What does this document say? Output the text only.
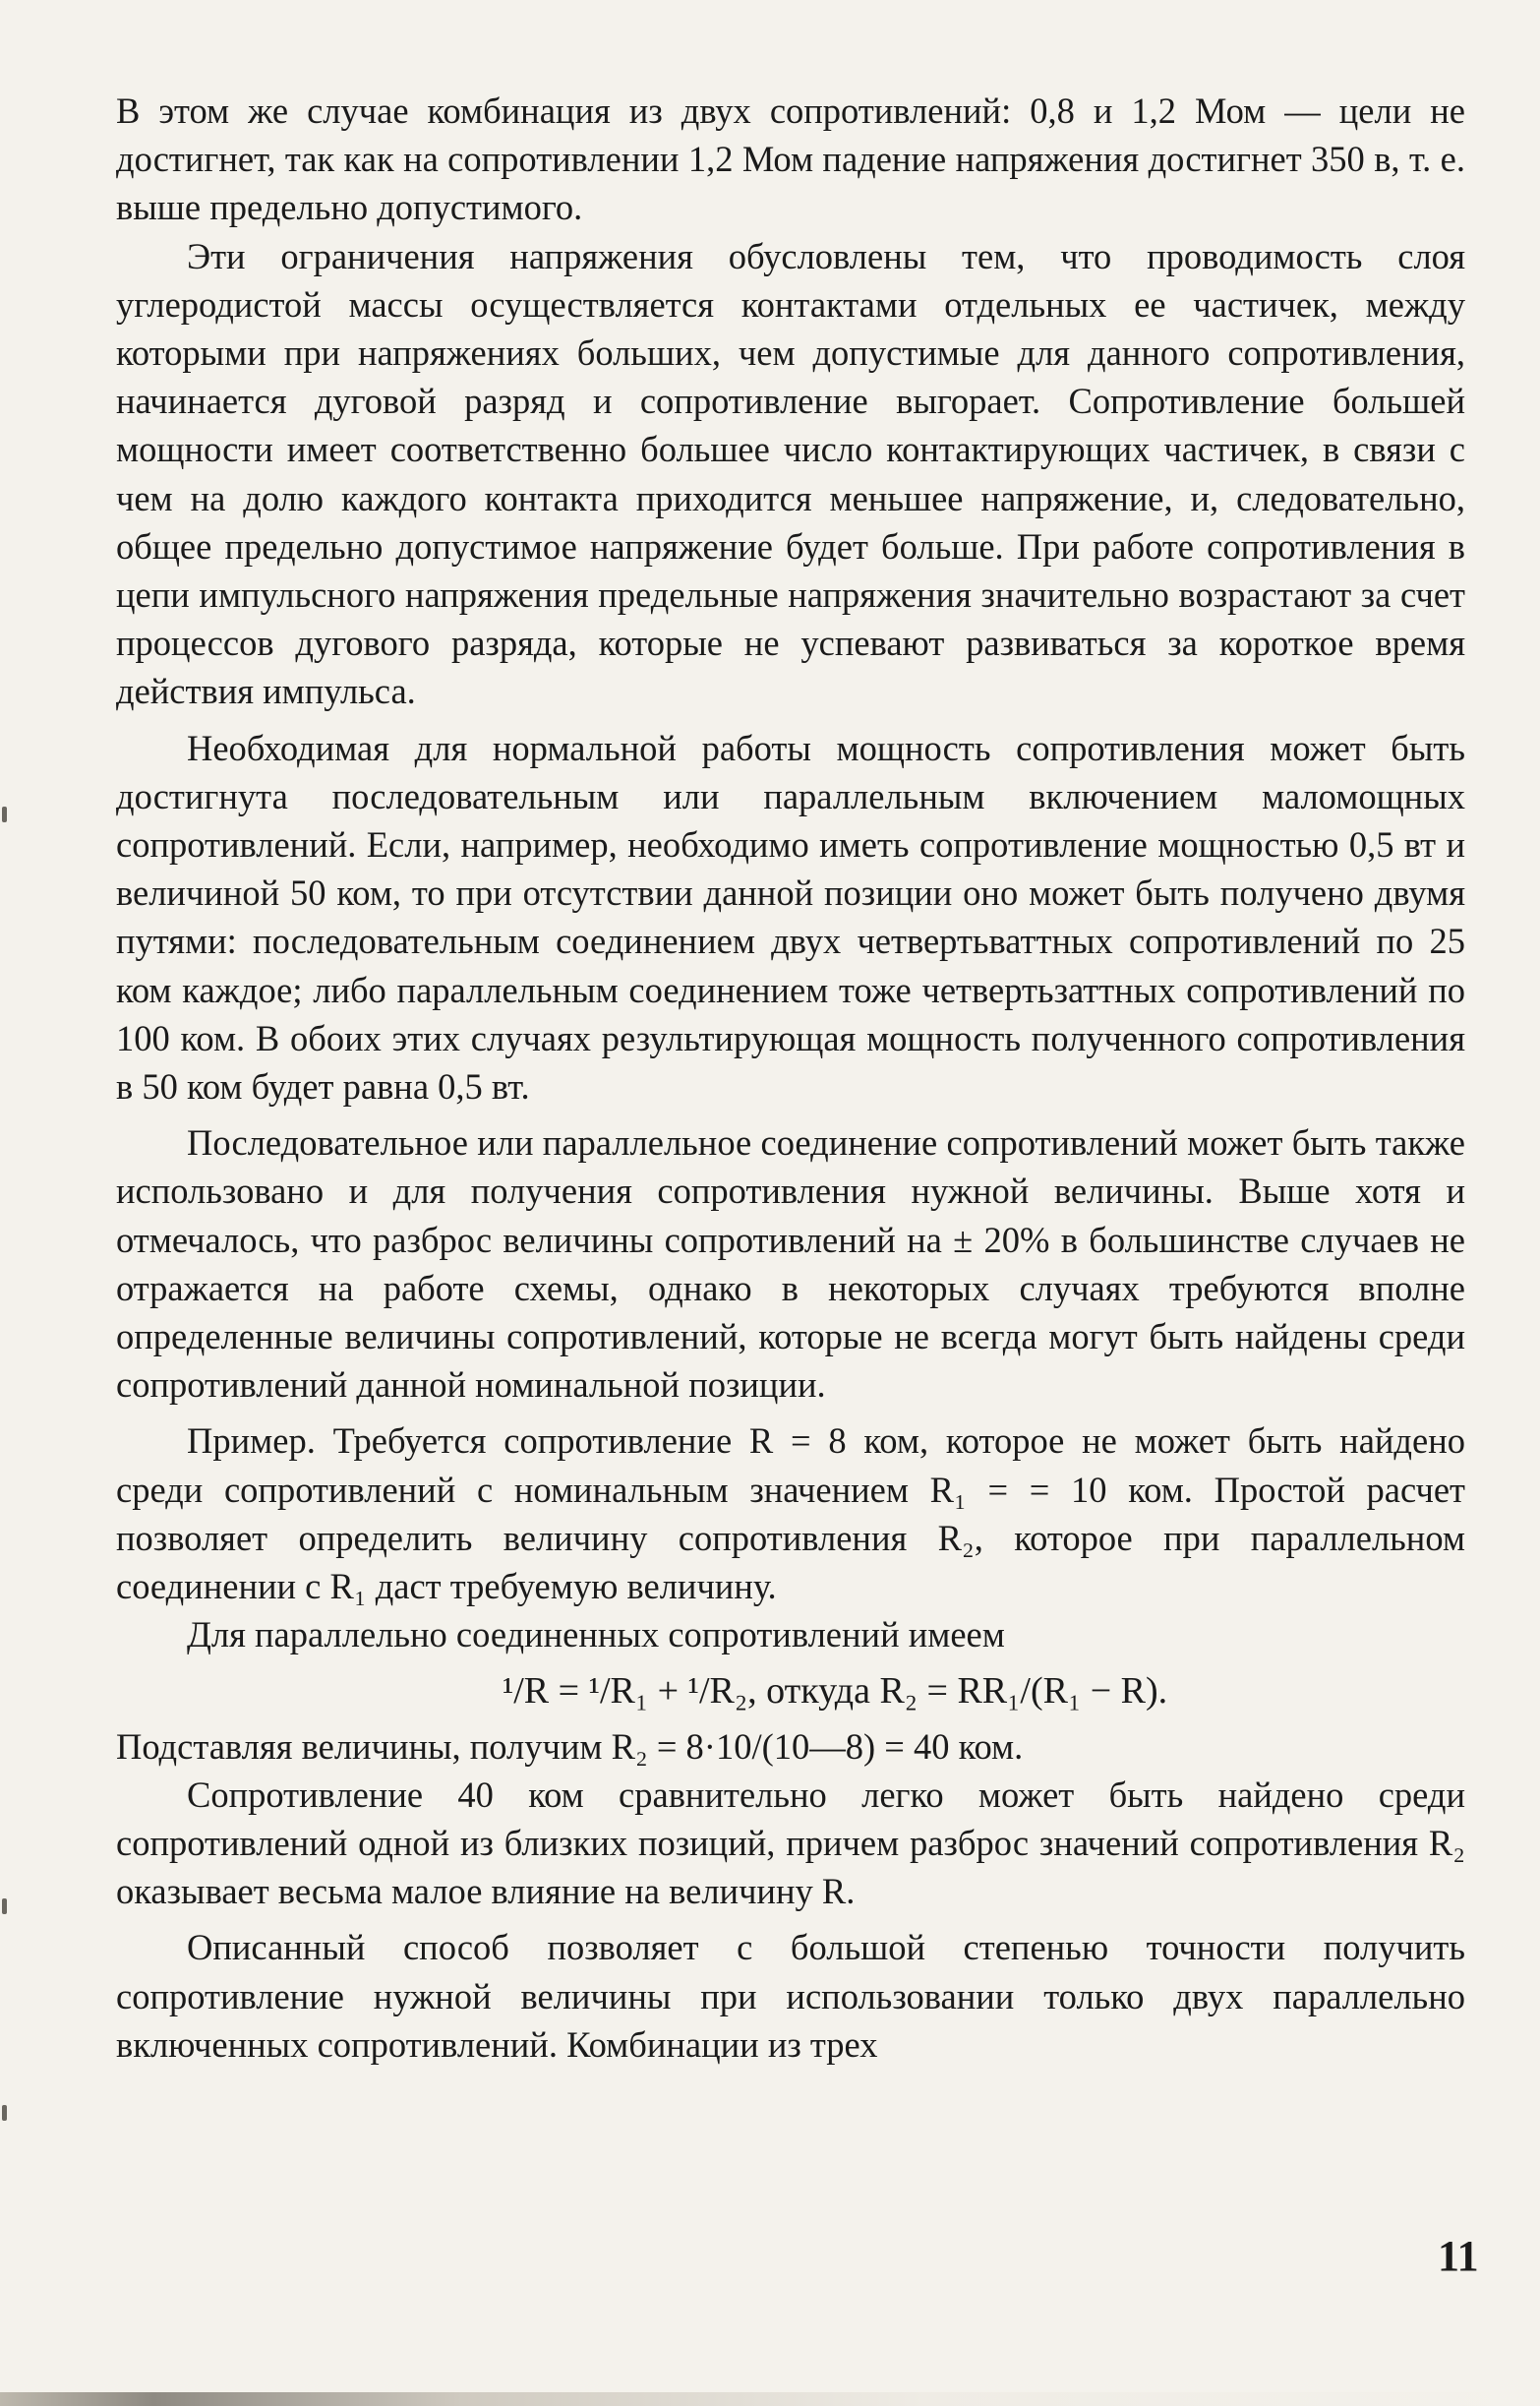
В этом же случае комбинация из двух сопротивлений: 0,8 и 1,2 Мом — цели не достигнет, так как на сопротивлении 1,2 Мом падение напряжения достигнет 350 в, т. е. выше предельно допустимого.

Эти ограничения напряжения обусловлены тем, что проводимость слоя углеродистой массы осуществляется контактами отдельных ее частичек, между которыми при напряжениях больших, чем допустимые для данного сопротивления, начинается дуговой разряд и сопротивление выгорает. Сопротивление большей мощности имеет соответственно большее число контактирующих частичек, в связи с чем на долю каждого контакта приходится меньшее напряжение, и, следовательно, общее предельно допустимое напряжение будет больше. При работе сопротивления в цепи импульсного напряжения предельные напряжения значительно возрастают за счет процессов дугового разряда, которые не успевают развиваться за короткое время действия импульса.

Необходимая для нормальной работы мощность сопротивления может быть достигнута последовательным или параллельным включением маломощных сопротивлений. Если, например, необходимо иметь сопротивление мощностью 0,5 вт и величиной 50 ком, то при отсутствии данной позиции оно может быть получено двумя путями: последовательным соединением двух четвертьваттных сопротивлений по 25 ком каждое; либо параллельным соединением тоже четвертьзаттных сопротивлений по 100 ком. В обоих этих случаях результирующая мощность полученного сопротивления в 50 ком будет равна 0,5 вт.

Последовательное или параллельное соединение сопротивлений может быть также использовано и для получения сопротивления нужной величины. Выше хотя и отмечалось, что разброс величины сопротивлений на ± 20% в большинстве случаев не отражается на работе схемы, однако в некоторых случаях требуются вполне определенные величины сопротивлений, которые не всегда могут быть найдены среди сопротивлений данной номинальной позиции.

Пример. Требуется сопротивление R = 8 ком, которое не может быть найдено среди сопротивлений с номинальным значением R₁ = = 10 ком. Простой расчет позволяет определить величину сопротивления R₂, которое при параллельном соединении с R₁ даст требуемую величину.

Для параллельно соединенных сопротивлений имеем

¹/R = ¹/R₁ + ¹/R₂, откуда R₂ = RR₁/(R₁ − R).

Подставляя величины, получим R₂ = 8·10/(10—8) = 40 ком.

Сопротивление 40 ком сравнительно легко может быть найдено среди сопротивлений одной из близких позиций, причем разброс значений сопротивления R₂ оказывает весьма малое влияние на величину R.

Описанный способ позволяет с большой степенью точности получить сопротивление нужной величины при использовании только двух параллельно включенных сопротивлений. Комбинации из трех

11
